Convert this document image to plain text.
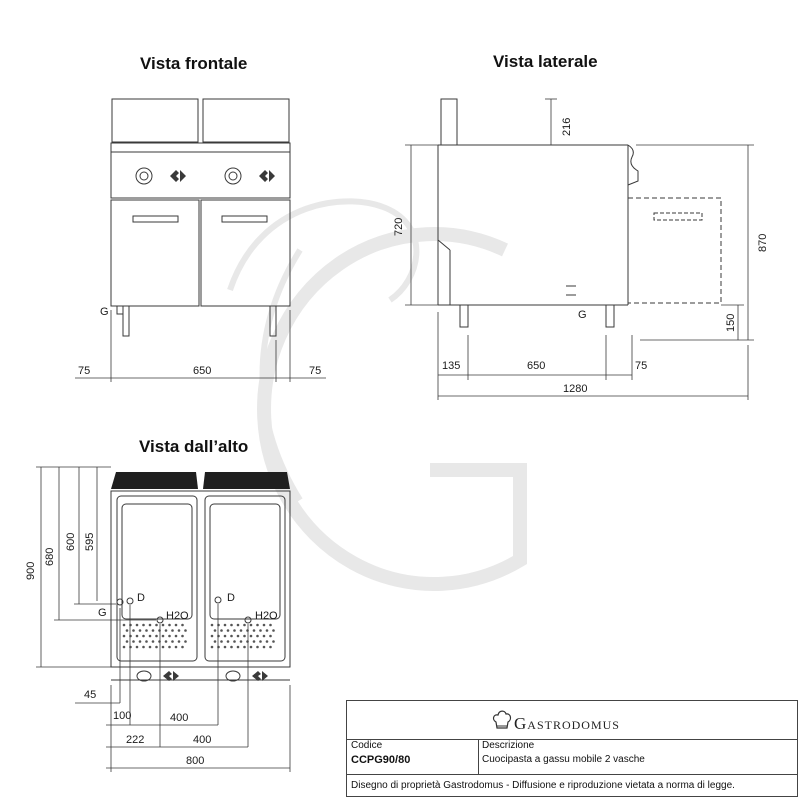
Vista frontale	Vista laterale
Vista dall’alto
75	650	75
G
216
720
870
150
135	650	75
1280
G
900
680
600 595
45
100	400
222	400
800
G
D	D
H2O	H2O
Gastrodomus
Codice
CCPG90/80
Descrizione
Cuocipasta a gassu mobile 2 vasche
Disegno di proprietà Gastrodomus - Diffusione e riproduzione vietata a norma di legge.
